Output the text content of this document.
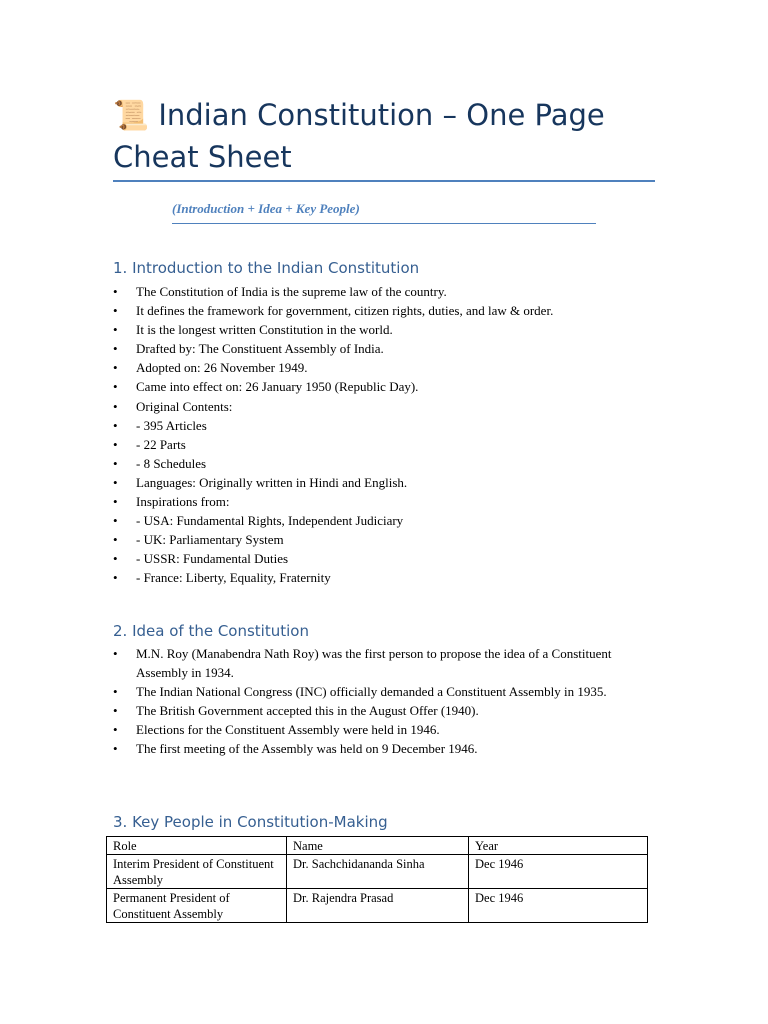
📜 Indian Constitution – One Page Cheat Sheet
(Introduction + Idea + Key People)
1. Introduction to the Indian Constitution
• The Constitution of India is the supreme law of the country.
• It defines the framework for government, citizen rights, duties, and law & order.
• It is the longest written Constitution in the world.
• Drafted by: The Constituent Assembly of India.
• Adopted on: 26 November 1949.
• Came into effect on: 26 January 1950 (Republic Day).
• Original Contents:
• - 395 Articles
• - 22 Parts
• - 8 Schedules
• Languages: Originally written in Hindi and English.
• Inspirations from:
• - USA: Fundamental Rights, Independent Judiciary
• - UK: Parliamentary System
• - USSR: Fundamental Duties
• - France: Liberty, Equality, Fraternity
2. Idea of the Constitution
• M.N. Roy (Manabendra Nath Roy) was the first person to propose the idea of a Constituent Assembly in 1934.
• The Indian National Congress (INC) officially demanded a Constituent Assembly in 1935.
• The British Government accepted this in the August Offer (1940).
• Elections for the Constituent Assembly were held in 1946.
• The first meeting of the Assembly was held on 9 December 1946.
3. Key People in Constitution-Making
Role	Name	Year
Interim President of Constituent Assembly	Dr. Sachchidananda Sinha	Dec 1946
Permanent President of Constituent Assembly	Dr. Rajendra Prasad	Dec 1946
